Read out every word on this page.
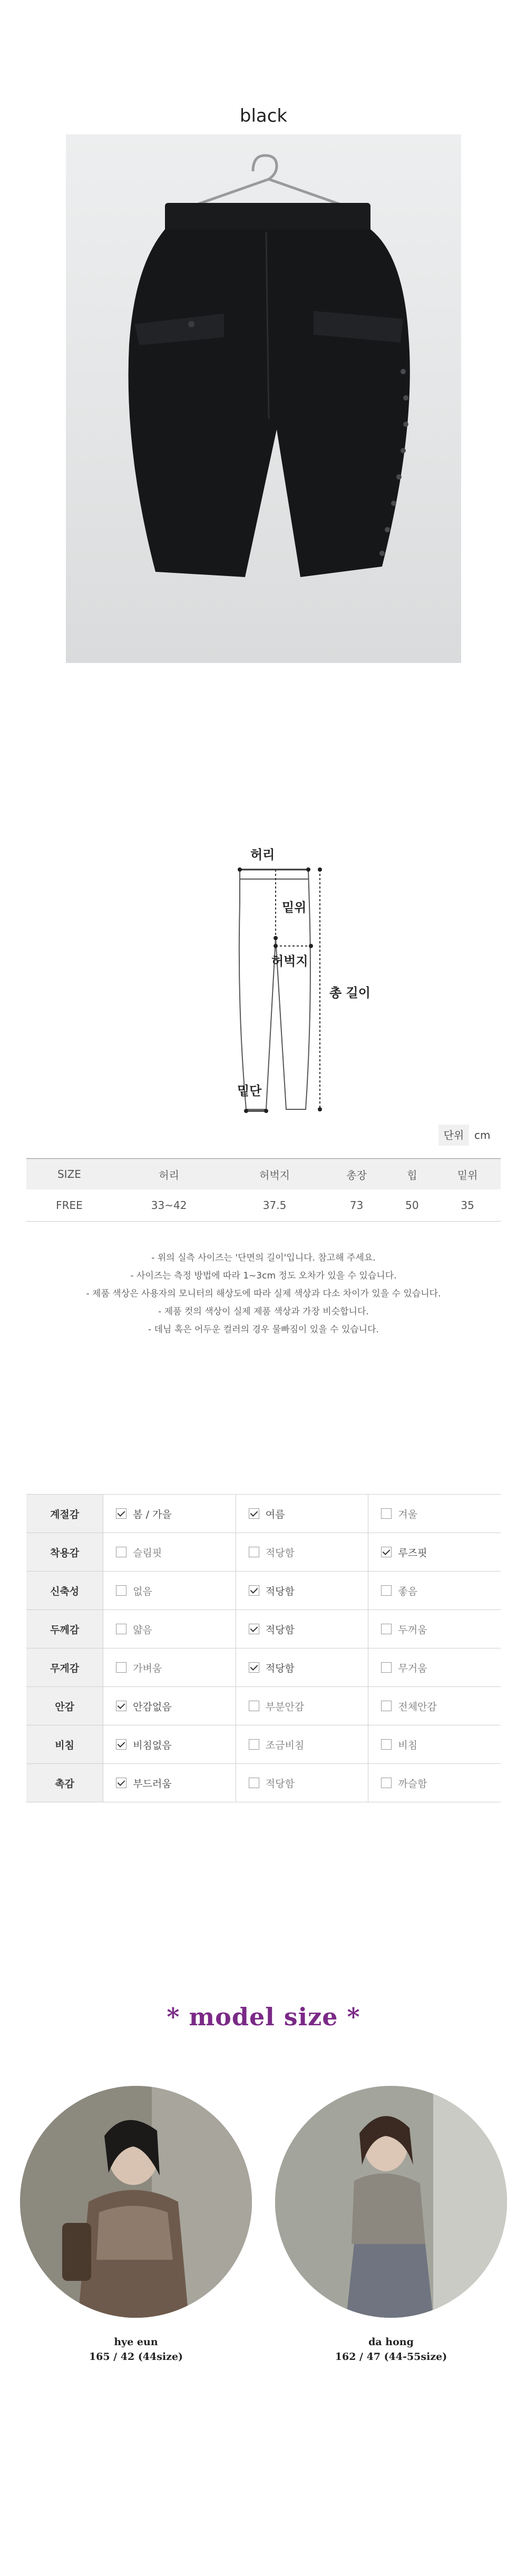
black
허리
밑위
허벅지
총 길이
밑단
단위 cm
SIZE	허리	허벅지	총장	힙	밑위
FREE	33~42	37.5	73	50	35
- 위의 실측 사이즈는 '단면의 길이'입니다. 참고해 주세요.
- 사이즈는 측정 방법에 따라 1~3cm 정도 오차가 있을 수 있습니다.
- 제품 색상은 사용자의 모니터의 해상도에 따라 실제 색상과 다소 차이가 있을 수 있습니다.
- 제품 컷의 색상이 실제 제품 색상과 가장 비슷합니다.
- 데님 혹은 어두운 컬러의 경우 물빠짐이 있을 수 있습니다.
계절감	봄 / 가을	여름	겨울
착용감	슬림핏	적당함	루즈핏
신축성	없음	적당함	좋음
두께감	얇음	적당함	두꺼움
무게감	가벼움	적당함	무거움
안감	안감없음	부분안감	전체안감
비침	비침없음	조금비침	비침
촉감	부드러움	적당함	까슬함
* model size *
hye eun
165 / 42 (44size)
da hong
162 / 47 (44-55size)
